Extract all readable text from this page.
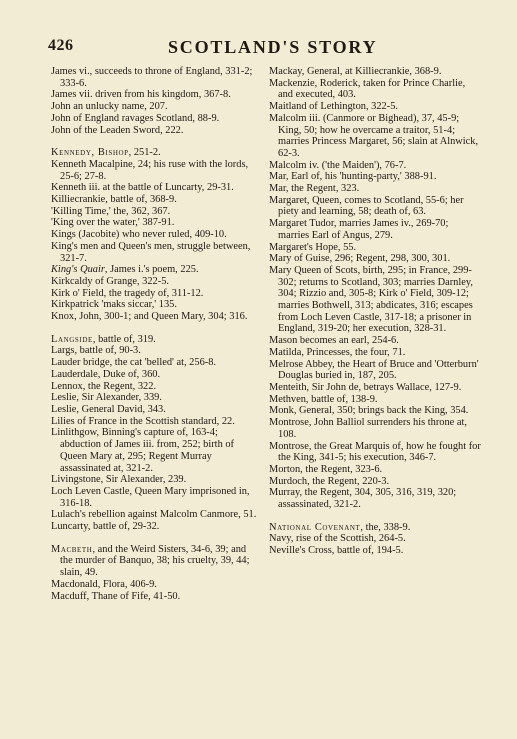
426	SCOTLAND'S STORY
James vi., succeeds to throne of England, 331-2; 333-6.
James vii. driven from his kingdom, 367-8.
John an unlucky name, 207.
John of England ravages Scotland, 88-9.
John of the Leaden Sword, 222.
Kennedy, Bishop, 251-2.
Kenneth Macalpine, 24; his ruse with the lords, 25-6; 27-8.
Kenneth iii. at the battle of Luncarty, 29-31.
Killiecrankie, battle of, 368-9.
'Killing Time,' the, 362, 367.
'King over the water,' 387-91.
Kings (Jacobite) who never ruled, 409-10.
King's men and Queen's men, struggle between, 321-7.
King's Quair, James i.'s poem, 225.
Kirkcaldy of Grange, 322-5.
Kirk o' Field, the tragedy of, 311-12.
Kirkpatrick 'maks siccar,' 135.
Knox, John, 300-1; and Queen Mary, 304; 316.
Langside, battle of, 319.
Largs, battle of, 90-3.
Lauder bridge, the cat 'belled' at, 256-8.
Lauderdale, Duke of, 360.
Lennox, the Regent, 322.
Leslie, Sir Alexander, 339.
Leslie, General David, 343.
Lilies of France in the Scottish standard, 22.
Linlithgow, Binning's capture of, 163-4; abduction of James iii. from, 252; birth of Queen Mary at, 295; Regent Murray assassinated at, 321-2.
Livingstone, Sir Alexander, 239.
Loch Leven Castle, Queen Mary imprisoned in, 316-18.
Lulach's rebellion against Malcolm Canmore, 51.
Luncarty, battle of, 29-32.
Macbeth, and the Weird Sisters, 34-6, 39; and the murder of Banquo, 38; his cruelty, 39, 44; slain, 49.
Macdonald, Flora, 406-9.
Macduff, Thane of Fife, 41-50.
Mackay, General, at Killiecrankie, 368-9.
Mackenzie, Roderick, taken for Prince Charlie, and executed, 403.
Maitland of Lethington, 322-5.
Malcolm iii. (Canmore or Bighead), 37, 45-9; King, 50; how he overcame a traitor, 51-4; marries Princess Margaret, 56; slain at Alnwick, 62-3.
Malcolm iv. ('the Maiden'), 76-7.
Mar, Earl of, his 'hunting-party,' 388-91.
Mar, the Regent, 323.
Margaret, Queen, comes to Scotland, 55-6; her piety and learning, 58; death of, 63.
Margaret Tudor, marries James iv., 269-70; marries Earl of Angus, 279.
Margaret's Hope, 55.
Mary of Guise, 296; Regent, 298, 300, 301.
Mary Queen of Scots, birth, 295; in France, 299-302; returns to Scotland, 303; marries Darnley, 304; Rizzio and, 305-8; Kirk o' Field, 309-12; marries Bothwell, 313; abdicates, 316; escapes from Loch Leven Castle, 317-18; a prisoner in England, 319-20; her execution, 328-31.
Mason becomes an earl, 254-6.
Matilda, Princesses, the four, 71.
Melrose Abbey, the Heart of Bruce and 'Otterburn' Douglas buried in, 187, 205.
Menteith, Sir John de, betrays Wallace, 127-9.
Methven, battle of, 138-9.
Monk, General, 350; brings back the King, 354.
Montrose, John Balliol surrenders his throne at, 108.
Montrose, the Great Marquis of, how he fought for the King, 341-5; his execution, 346-7.
Morton, the Regent, 323-6.
Murdoch, the Regent, 220-3.
Murray, the Regent, 304, 305, 316, 319, 320; assassinated, 321-2.
National Covenant, the, 338-9.
Navy, rise of the Scottish, 264-5.
Neville's Cross, battle of, 194-5.
